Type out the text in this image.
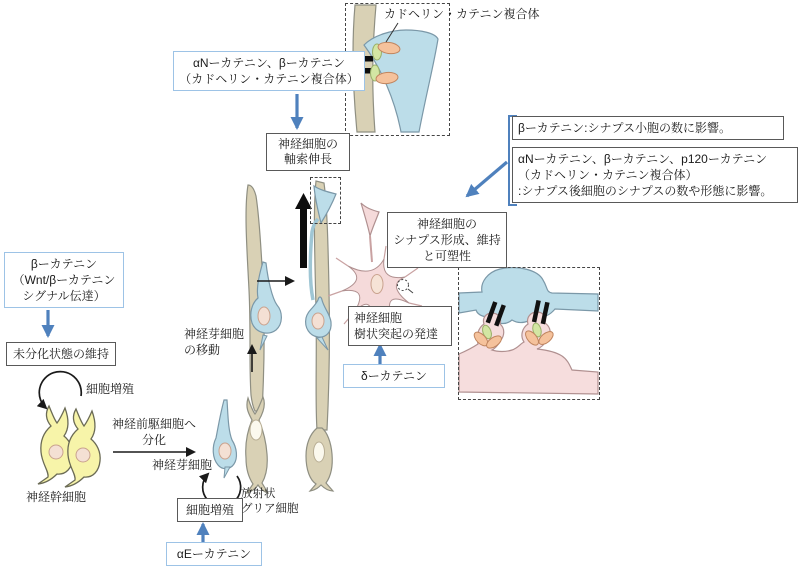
カドヘリン・カテニン複合体
αNーカテニン、βーカテニン
（カドヘリン・カテニン複合体）
神経細胞の
軸索伸長
βーカテニン:シナプス小胞の数に影響。
αNーカテニン、βーカテニン、p120ーカテニン
（カドヘリン・カテニン複合体）
:シナプス後細胞のシナプスの数や形態に影響。
神経細胞の
シナプス形成、維持
と可塑性
神経細胞
樹状突起の発達
δーカテニン
βーカテニン
（Wnt/βーカテニン
シグナル伝達）
未分化状態の維持
細胞増殖
αEーカテニン
細胞増殖
神経幹細胞
神経前駆細胞へ
分化
神経芽細胞
神経芽細胞
の移動
放射状
グリア細胞
